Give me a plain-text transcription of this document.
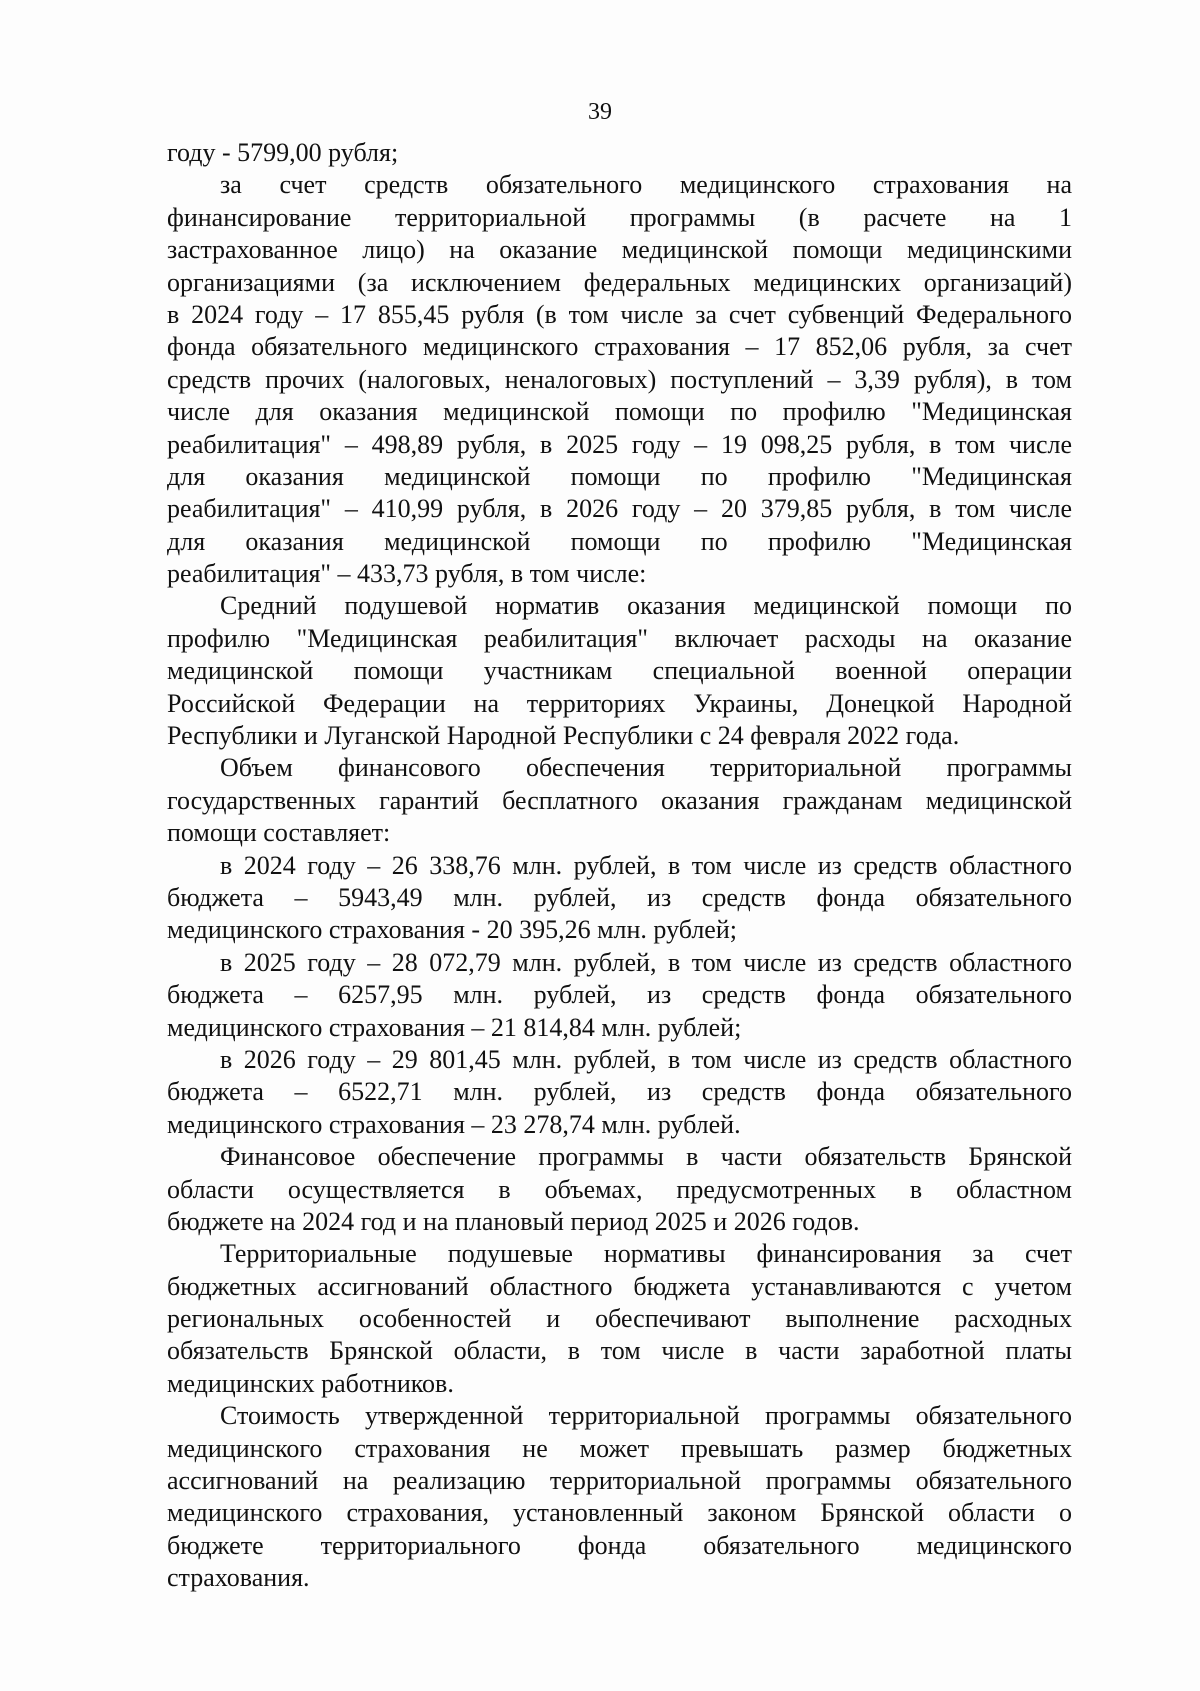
39
году - 5799,00 рубля;
за счет средств обязательного медицинского страхования на
финансирование территориальной программы (в расчете на 1
застрахованное лицо) на оказание медицинской помощи медицинскими
организациями (за исключением федеральных медицинских организаций)
в 2024 году – 17 855,45 рубля (в том числе за счет субвенций Федерального
фонда обязательного медицинского страхования – 17 852,06 рубля, за счет
средств прочих (налоговых, неналоговых) поступлений – 3,39 рубля), в том
числе для оказания медицинской помощи по профилю "Медицинская
реабилитация" – 498,89 рубля, в 2025 году – 19 098,25 рубля, в том числе
для оказания медицинской помощи по профилю "Медицинская
реабилитация" – 410,99 рубля, в 2026 году – 20 379,85 рубля, в том числе
для оказания медицинской помощи по профилю "Медицинская
реабилитация" – 433,73 рубля, в том числе:
Средний подушевой норматив оказания медицинской помощи по
профилю "Медицинская реабилитация" включает расходы на оказание
медицинской помощи участникам специальной военной операции
Российской Федерации на территориях Украины, Донецкой Народной
Республики и Луганской Народной Республики с 24 февраля 2022 года.
Объем финансового обеспечения территориальной программы
государственных гарантий бесплатного оказания гражданам медицинской
помощи составляет:
в 2024 году – 26 338,76 млн. рублей, в том числе из средств областного
бюджета – 5943,49 млн. рублей, из средств фонда обязательного
медицинского страхования - 20 395,26 млн. рублей;
в 2025 году – 28 072,79 млн. рублей, в том числе из средств областного
бюджета – 6257,95 млн. рублей, из средств фонда обязательного
медицинского страхования – 21 814,84 млн. рублей;
в 2026 году – 29 801,45 млн. рублей, в том числе из средств областного
бюджета – 6522,71 млн. рублей, из средств фонда обязательного
медицинского страхования – 23 278,74 млн. рублей.
Финансовое обеспечение программы в части обязательств Брянской
области осуществляется в объемах, предусмотренных в областном
бюджете на 2024 год и на плановый период 2025 и 2026 годов.
Территориальные подушевые нормативы финансирования за счет
бюджетных ассигнований областного бюджета устанавливаются с учетом
региональных особенностей и обеспечивают выполнение расходных
обязательств Брянской области, в том числе в части заработной платы
медицинских работников.
Стоимость утвержденной территориальной программы обязательного
медицинского страхования не может превышать размер бюджетных
ассигнований на реализацию территориальной программы обязательного
медицинского страхования, установленный законом Брянской области о
бюджете территориального фонда обязательного медицинского
страхования.
